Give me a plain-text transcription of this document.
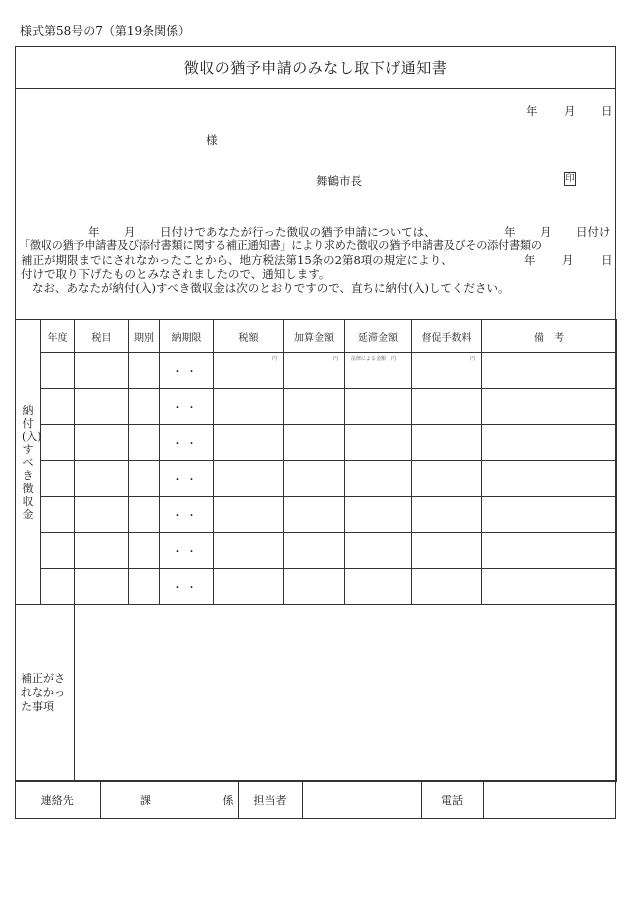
様式第58号の7（第19条関係）
徴収の猶予申請のみなし取下げ通知書
年 月 日
様
舞鶴市長	印
年 月 日付けであなたが行った徴収の猶予申請については、	年 月 日付け
「徴収の猶予申請書及び添付書類に関する補正通知書」により求めた徴収の猶予申請書及びその添付書類の
補正が期限までにされなかったことから、地方税法第15条の2第8項の規定により、	年 月 日
付けで取り下げたものとみなされましたので、通知します。
なお、あなたが納付(入)すべき徴収金は次のとおりですので、直ちに納付(入)してください。
納付(入)すべき徴収金	年度	税目	期別	納期限	税額	加算金額	延滞金額	督促手数料	備　考
				・・	円	円	法律による金額　円	円	

				・・					
				・・					
				・・					
				・・					
				・・					
				・・					

補正がされなかった事項									

連絡先	課	係	担当者		電話	
